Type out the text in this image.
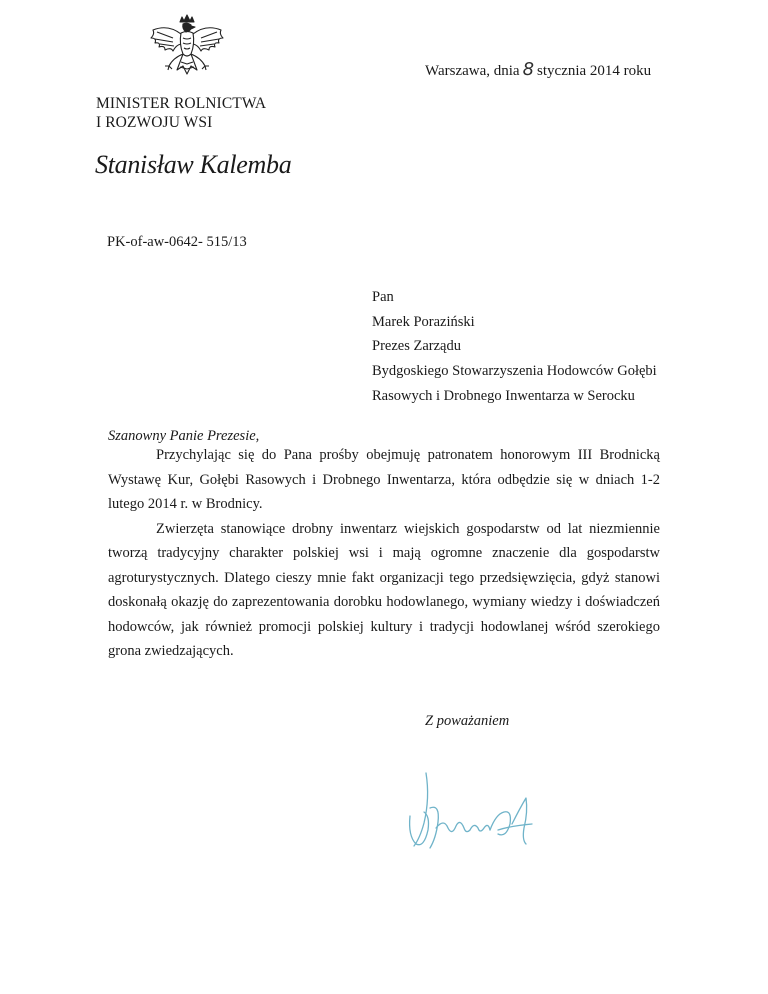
MINISTER ROLNICTWA
I ROZWOJU WSI
Stanisław Kalemba
Warszawa, dnia 8 stycznia 2014 roku
PK-of-aw-0642- 515/13
Pan
Marek Poraziński
Prezes Zarządu
Bydgoskiego Stowarzyszenia Hodowców Gołębi
Rasowych i Drobnego Inwentarza w Serocku
Szanowny Panie Prezesie,

Przychylając się do Pana prośby obejmuję patronatem honorowym III Brodnicką Wystawę Kur, Gołębi Rasowych i Drobnego Inwentarza, która odbędzie się w dniach 1-2 lutego 2014 r. w Brodnicy.

Zwierzęta stanowiące drobny inwentarz wiejskich gospodarstw od lat niezmiennie tworzą tradycyjny charakter polskiej wsi i mają ogromne znaczenie dla gospodarstw agroturystycznych. Dlatego cieszy mnie fakt organizacji tego przedsięwzięcia, gdyż stanowi doskonałą okazję do zaprezentowania dorobku hodowlanego, wymiany wiedzy i doświadczeń hodowców, jak również promocji polskiej kultury i tradycji hodowlanej wśród szerokiego grona zwiedzających.

Z poważaniem
